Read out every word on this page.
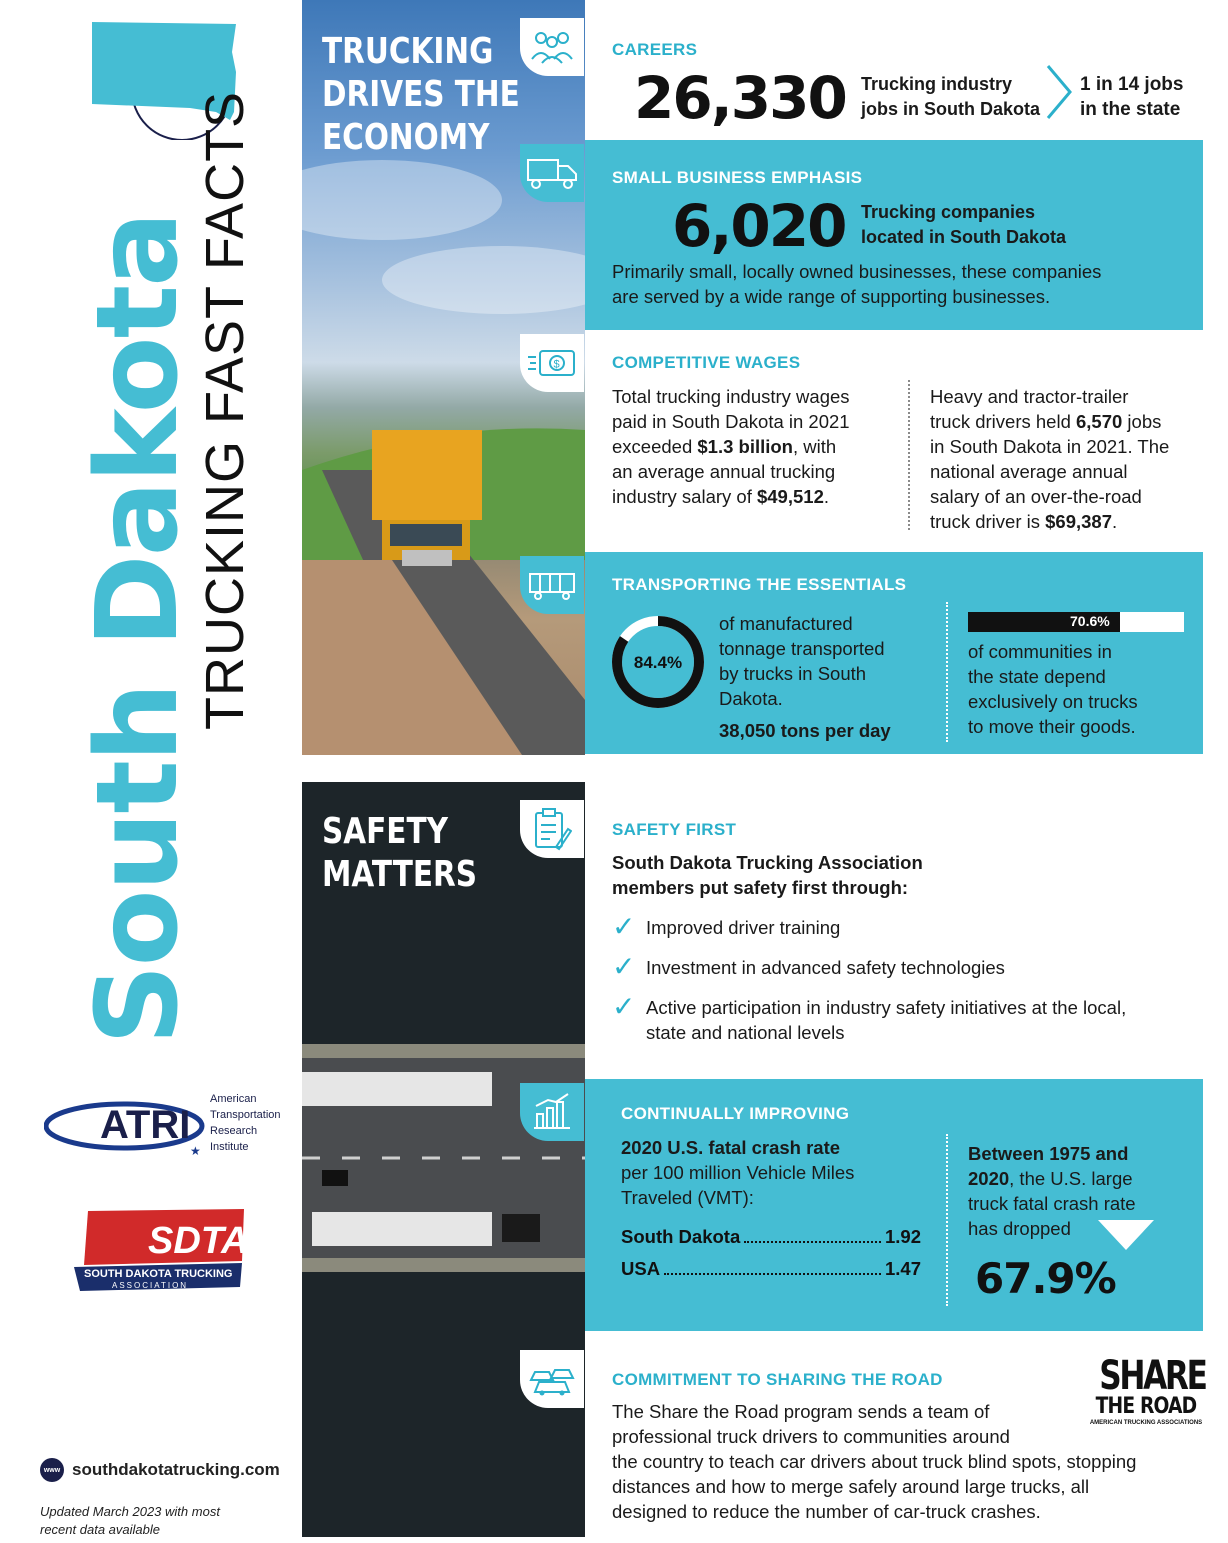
South Dakota
TRUCKING FAST FACTS
ATRI
★
American
Transportation
Research
Institute
SDTA
SOUTH DAKOTA TRUCKING
ASSOCIATION
www southdakotatrucking.com
Updated March 2023 with most
recent data available
TRUCKING
DRIVES THE
ECONOMY
SAFETY
MATTERS
CAREERS
26,330 Trucking industry
jobs in South Dakota
1 in 14 jobs
in the state
SMALL BUSINESS EMPHASIS
6,020 Trucking companies
located in South Dakota
Primarily small, locally owned businesses, these companies
are served by a wide range of supporting businesses.
$	COMPETITIVE WAGES
Total trucking industry wages
paid in South Dakota in 2021
exceeded $1.3 billion, with
an average annual trucking
industry salary of $49,512.
Heavy and tractor-trailer
truck drivers held 6,570 jobs
in South Dakota in 2021. The
national average annual
salary of an over-the-road
truck driver is $69,387.
TRANSPORTING THE ESSENTIALS
84.4%
of manufactured
tonnage transported
by trucks in South
Dakota.
38,050 tons per day
70.6%
of communities in
the state depend
exclusively on trucks
to move their goods.
SAFETY FIRST
South Dakota Trucking Association
members put safety first through:
✓ Improved driver training
✓ Investment in advanced safety technologies
✓ Active participation in industry safety initiatives at the local,
state and national levels
CONTINUALLY IMPROVING
2020 U.S. fatal crash rate
per 100 million Vehicle Miles
Traveled (VMT):
South Dakota	1.92
USA	1.47
Between 1975 and
2020, the U.S. large
truck fatal crash rate
has dropped
67.9%
COMMITMENT TO SHARING THE ROAD	SHARE
THE ROAD
AMERICAN TRUCKING ASSOCIATIONS
The Share the Road program sends a team of
professional truck drivers to communities around
the country to teach car drivers about truck blind spots, stopping
distances and how to merge safely around large trucks, all
designed to reduce the number of car-truck crashes.
